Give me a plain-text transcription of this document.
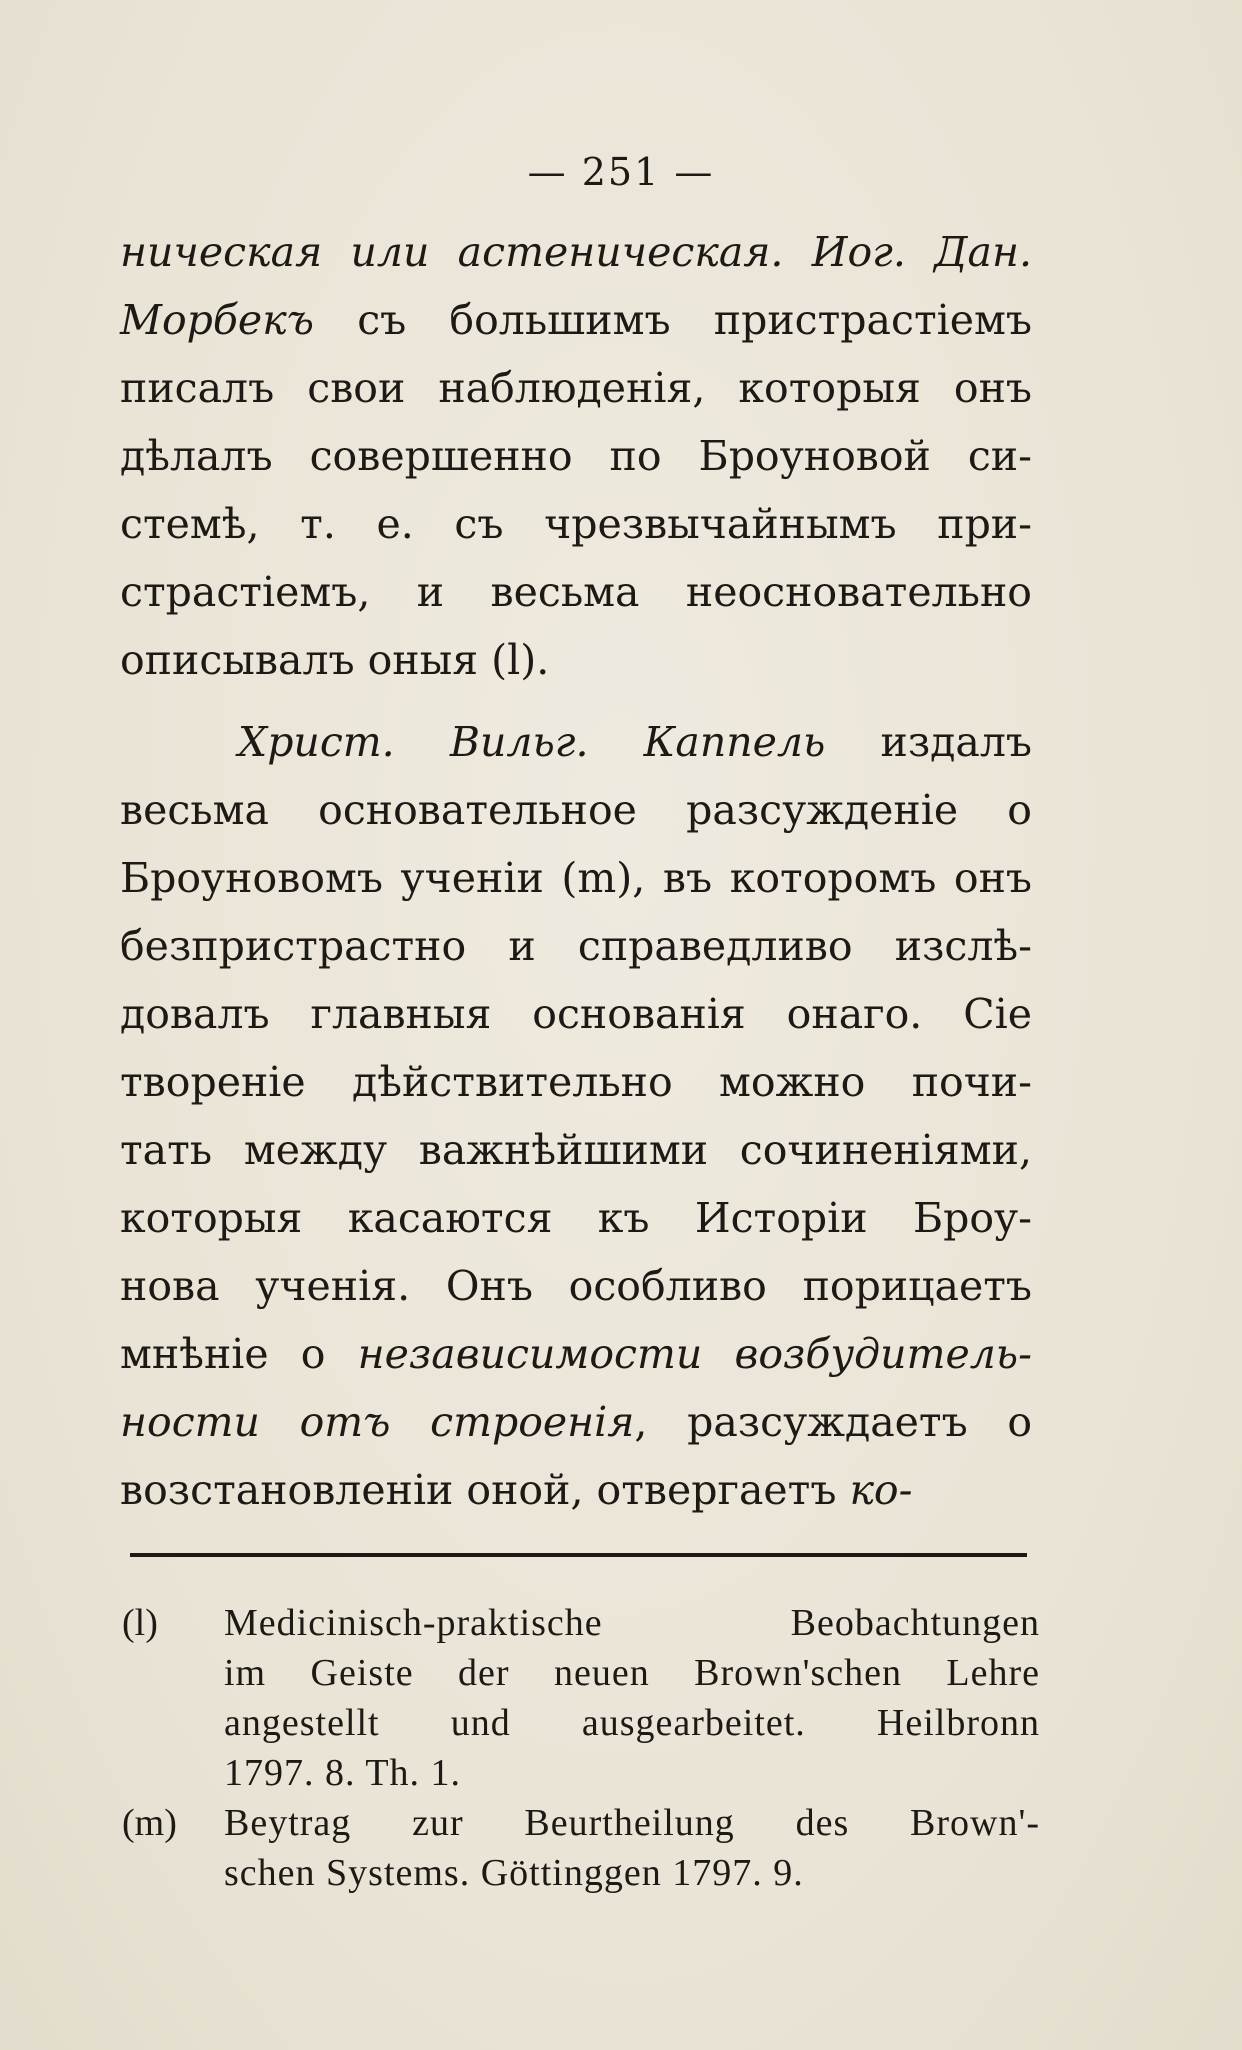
— 251 —
ническая или астеническая. Иог. Дан.
Морбекъ съ большимъ пристрастіемъ
писалъ свои наблюденія, которыя онъ
дѣлалъ совершенно по Броуновой си-
стемѣ, т. е. съ чрезвычайнымъ при-
страстіемъ, и весьма неосновательно
описывалъ оныя (l).
Христ. Вильг. Каппель издалъ
весьма основательное разсужденіе о
Броуновомъ ученіи (m), въ которомъ онъ
безпристрастно и справедливо изслѣ-
довалъ главныя основанія онаго. Сіе
твореніе дѣйствительно можно почи-
тать между важнѣйшими сочиненіями,
которыя касаются къ Исторіи Броу-
нова ученія. Онъ особливо порицаетъ
мнѣніе о независимости возбудитель-
ности отъ строенія, разсуждаетъ о
возстановленіи оной, отвергаетъ ко-
(l)	Medicinisch-praktische Beobachtungen
im Geiste der neuen Brown'schen Lehre
angestellt und ausgearbeitet. Heilbronn
1797. 8. Th. 1.
(m)	Beytrag zur Beurtheilung des Brown'-
schen Systems. Göttinggen 1797. 9.
